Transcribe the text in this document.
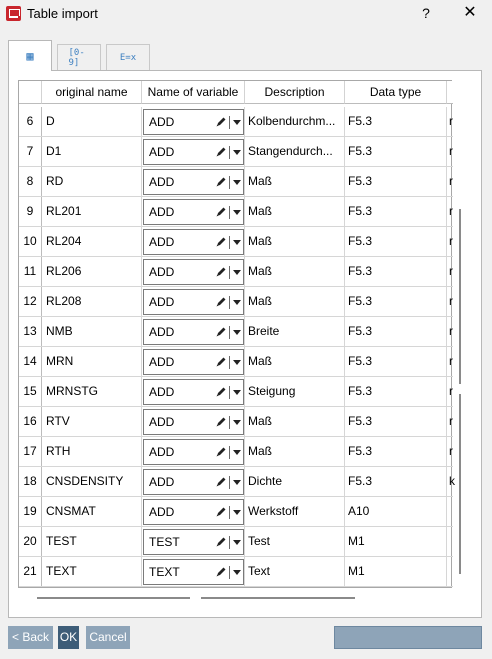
Table import	?	✕
▦	[0-9]	E=x
original name	Name of variable	Description	Data type
6	D	ADD	Kolbendurchm...	F5.3	r
7	D1	ADD	Stangendurch...	F5.3	r
8	RD	ADD	Maß	F5.3	r
9	RL201	ADD	Maß	F5.3	r
10 RL204	ADD	Maß	F5.3	r
11 RL206	ADD	Maß	F5.3	r
12 RL208	ADD	Maß	F5.3	r
13 NMB	ADD	Breite	F5.3	r
14 MRN	ADD	Maß	F5.3	r
15 MRNSTG	ADD	Steigung	F5.3	r
16 RTV	ADD	Maß	F5.3	r
17 RTH	ADD	Maß	F5.3	r
18 CNSDENSITY	ADD	Dichte	F5.3	k
19 CNSMAT	ADD	Werkstoff	A10
20 TEST	TEST	Test	M1
21 TEXT	TEXT	Text	M1
< Back OK Cancel
